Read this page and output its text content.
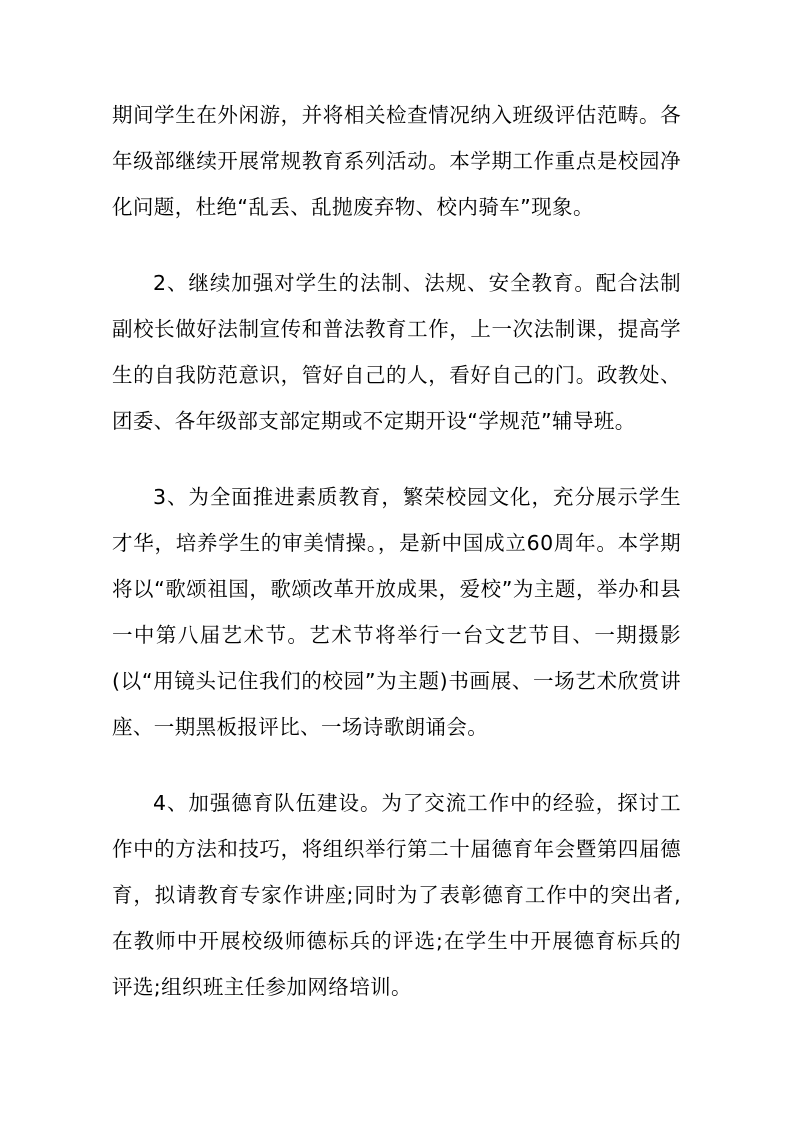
期间学生在外闲游，并将相关检查情况纳入班级评估范畴。各年级部继续开展常规教育系列活动。本学期工作重点是校园净化问题，杜绝“乱丢、乱抛废弃物、校内骑车”现象。

2、继续加强对学生的法制、法规、安全教育。配合法制副校长做好法制宣传和普法教育工作，上一次法制课，提高学生的自我防范意识，管好自己的人，看好自己的门。政教处、团委、各年级部支部定期或不定期开设“学规范”辅导班。

3、为全面推进素质教育，繁荣校园文化，充分展示学生才华，培养学生的审美情操。，是新中国成立60周年。本学期将以“歌颂祖国，歌颂改革开放成果，爱校”为主题，举办和县一中第八届艺术节。艺术节将举行一台文艺节目、一期摄影(以“用镜头记住我们的校园”为主题)书画展、一场艺术欣赏讲座、一期黑板报评比、一场诗歌朗诵会。

4、加强德育队伍建设。为了交流工作中的经验，探讨工作中的方法和技巧，将组织举行第二十届德育年会暨第四届德育，拟请教育专家作讲座;同时为了表彰德育工作中的突出者,在教师中开展校级师德标兵的评选;在学生中开展德育标兵的评选;组织班主任参加网络培训。
